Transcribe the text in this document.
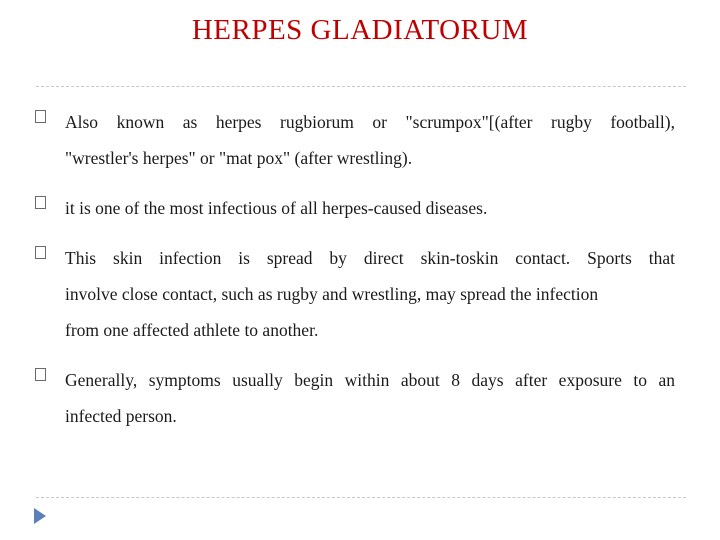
HERPES GLADIATORUM
Also known as herpes rugbiorum or "scrumpox"[(after rugby football),
"wrestler's herpes" or "mat pox" (after wrestling).
it is one of the most infectious of all herpes-caused diseases.
This skin infection is spread by direct skin-toskin contact. Sports that
involve close contact, such as rugby and wrestling, may spread the infection
from one affected athlete to another.
Generally, symptoms usually begin within about 8 days after exposure to an
infected person.
